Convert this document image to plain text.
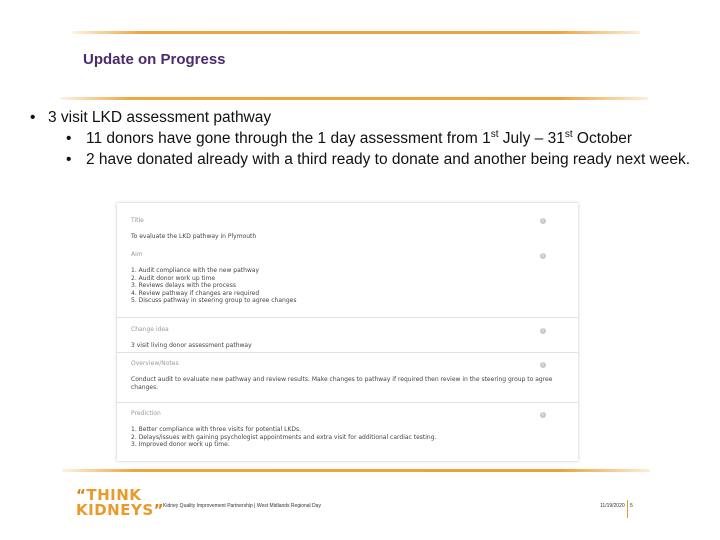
Update on Progress
• 3 visit LKD assessment pathway
• 11 donors have gone through the 1 day assessment from 1st July – 31st October
• 2 have donated already with a third ready to donate and another being ready next week.
Title
To evaluate the LKD pathway in Plymouth
i
Aim
1. Audit compliance with the new pathway
2. Audit donor work up time
3. Reviews delays with the process
4. Review pathway if changes are required
5. Discuss pathway in steering group to agree changes
i
Change idea
3 visit living donor assessment pathway
i
Overview/Notes
Conduct audit to evaluate new pathway and review results. Make changes to pathway if required then review in the steering group to agree changes.
i
Prediction
1. Better compliance with three visits for potential LKDs.
2. Delays/issues with gaining psychologist appointments and extra visit for additional cardiac testing.
3. Improved donor work up time.
i
“THINK
KIDNEYS” Kidney Quality Improvement Partnership | West Midlands Regional Day	11/19/2020 5
